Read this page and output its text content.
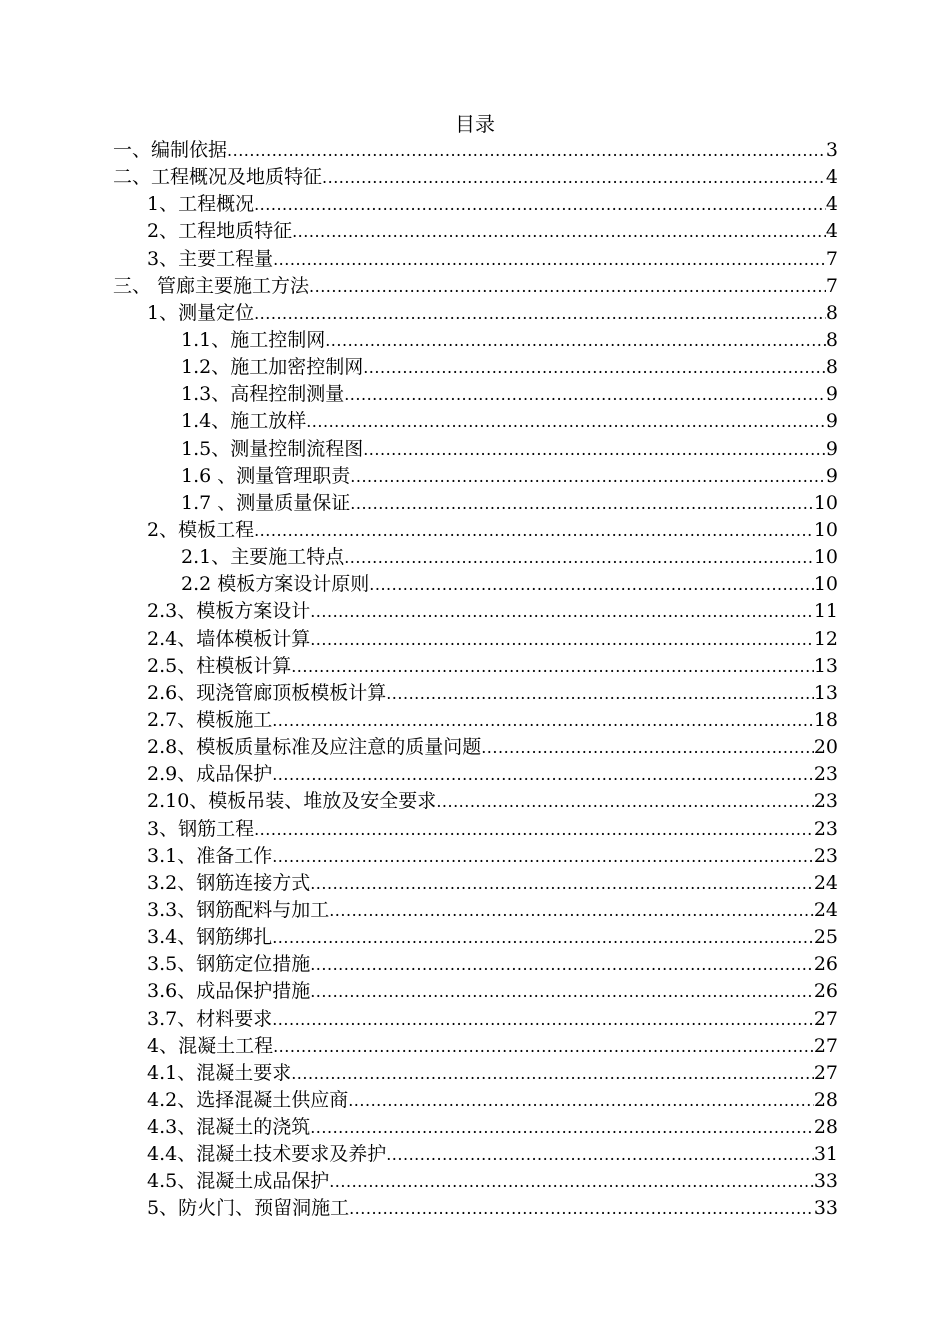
目录
一、编制依据 .....	3
二、工程概况及地质特征 .....	4
1、工程概况 .....	4
2、工程地质特征 .....	4
3、主要工程量 .....	7
三、 管廊主要施工方法 .....	7
1、测量定位 .....	8
1.1、施工控制网 .....	8
1.2、施工加密控制网 .....	8
1.3、高程控制测量 .....	9
1.4、施工放样 .....	9
1.5、测量控制流程图 .....	9
1.6 、测量管理职责 .....	9
1.7 、测量质量保证 .....	10
2、模板工程 .....	10
2.1、主要施工特点 .....	10
2.2 模板方案设计原则 .....	10
2.3、模板方案设计 .....	11
2.4、墙体模板计算 .....	12
2.5、柱模板计算 .....	13
2.6、现浇管廊顶板模板计算 .....	13
2.7、模板施工 .....	18
2.8、模板质量标准及应注意的质量问题 .....	20
2.9、成品保护 .....	23
2.10、模板吊装、堆放及安全要求 .....	23
3、钢筋工程 .....	23
3.1、准备工作 .....	23
3.2、钢筋连接方式 .....	24
3.3、钢筋配料与加工 .....	24
3.4、钢筋绑扎 .....	25
3.5、钢筋定位措施 .....	26
3.6、成品保护措施 .....	26
3.7、材料要求 .....	27
4、混凝土工程 .....	27
4.1、混凝土要求 .....	27
4.2、选择混凝土供应商 .....	28
4.3、混凝土的浇筑 .....	28
4.4、混凝土技术要求及养护 .....	31
4.5、混凝土成品保护 .....	33
5、防火门、预留洞施工 .....	33
